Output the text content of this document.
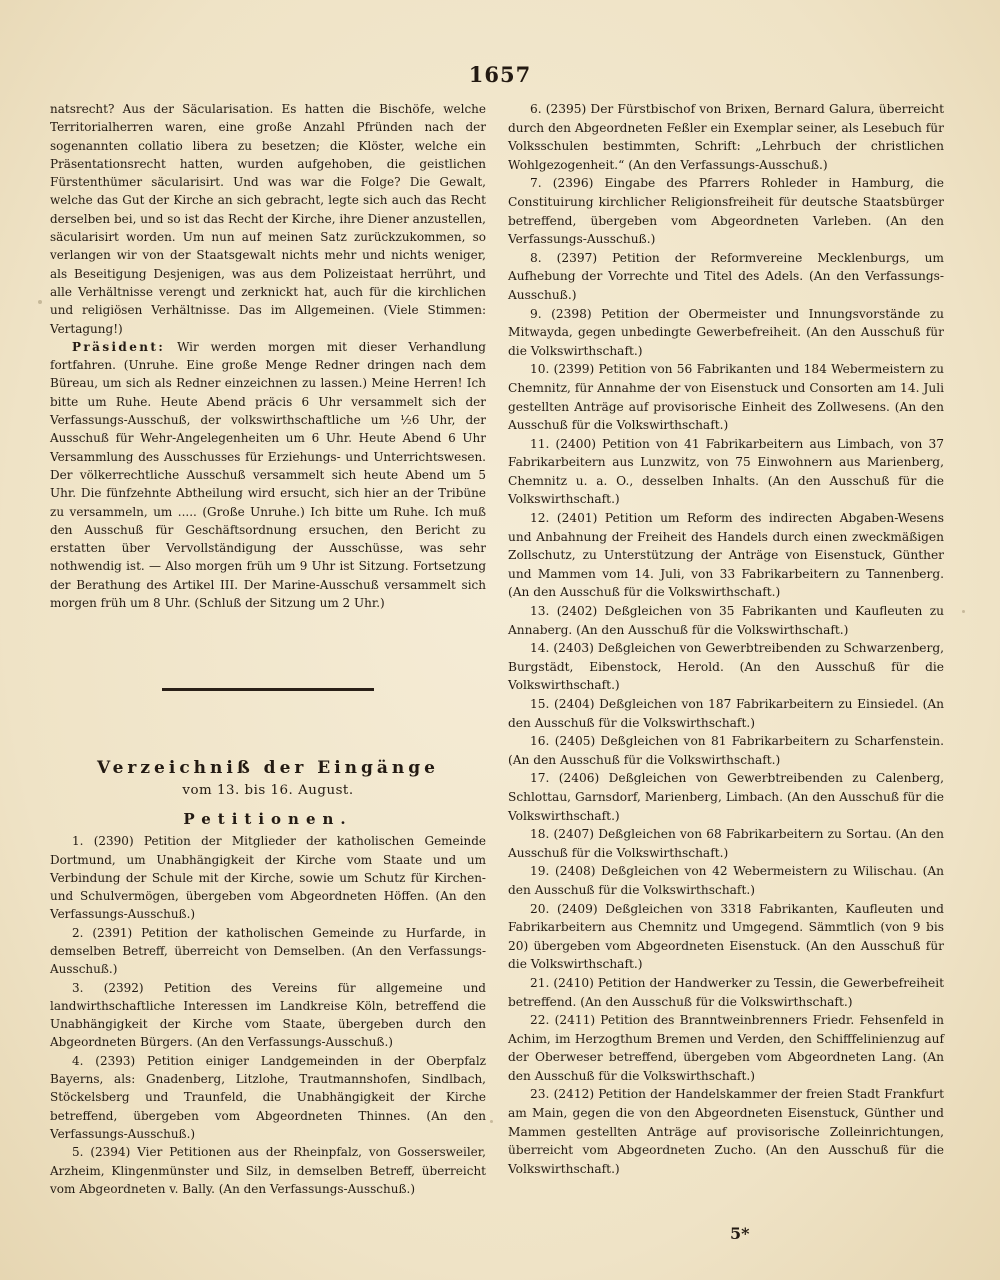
1657

natsrecht? Aus der Säcularisation. Es hatten die Bischöfe, welche Territorialherren waren, eine große Anzahl Pfründen nach der sogenannten collatio libera zu besetzen; die Klöster, welche ein Präsentationsrecht hatten, wurden aufgehoben, die geistlichen Fürstenthümer säcularisirt. Und was war die Folge? Die Gewalt, welche das Gut der Kirche an sich gebracht, legte sich auch das Recht derselben bei, und so ist das Recht der Kirche, ihre Diener anzustellen, säcularisirt worden. Um nun auf meinen Satz zurückzukommen, so verlangen wir von der Staatsgewalt nichts mehr und nichts weniger, als Beseitigung Desjenigen, was aus dem Polizeistaat herrührt, und alle Verhältnisse verengt und zerknickt hat, auch für die kirchlichen und religiösen Verhältnisse. Das im Allgemeinen. (Viele Stimmen: Vertagung!)

Präsident: Wir werden morgen mit dieser Verhandlung fortfahren. (Unruhe. Eine große Menge Redner dringen nach dem Büreau, um sich als Redner einzeichnen zu lassen.) Meine Herren! Ich bitte um Ruhe. Heute Abend präcis 6 Uhr versammelt sich der Verfassungs-Ausschuß, der volkswirthschaftliche um ½6 Uhr, der Ausschuß für Wehr-Angelegenheiten um 6 Uhr. Heute Abend 6 Uhr Versammlung des Ausschusses für Erziehungs- und Unterrichtswesen. Der völkerrechtliche Ausschuß versammelt sich heute Abend um 5 Uhr. Die fünfzehnte Abtheilung wird ersucht, sich hier an der Tribüne zu versammeln, um ..... (Große Unruhe.) Ich bitte um Ruhe. Ich muß den Ausschuß für Geschäftsordnung ersuchen, den Bericht zu erstatten über Vervollständigung der Ausschüsse, was sehr nothwendig ist. — Also morgen früh um 9 Uhr ist Sitzung. Fortsetzung der Berathung des Artikel III. Der Marine-Ausschuß versammelt sich morgen früh um 8 Uhr. (Schluß der Sitzung um 2 Uhr.)

Verzeichniß der Eingänge
vom 13. bis 16. August.
Petitionen.

1. (2390) Petition der Mitglieder der katholischen Gemeinde Dortmund, um Unabhängigkeit der Kirche vom Staate und um Verbindung der Schule mit der Kirche, sowie um Schutz für Kirchen- und Schulvermögen, übergeben vom Abgeordneten Höffen. (An den Verfassungs-Ausschuß.)

2. (2391) Petition der katholischen Gemeinde zu Hurfarde, in demselben Betreff, überreicht von Demselben. (An den Verfassungs-Ausschuß.)

3. (2392) Petition des Vereins für allgemeine und landwirthschaftliche Interessen im Landkreise Köln, betreffend die Unabhängigkeit der Kirche vom Staate, übergeben durch den Abgeordneten Bürgers. (An den Verfassungs-Ausschuß.)

4. (2393) Petition einiger Landgemeinden in der Oberpfalz Bayerns, als: Gnadenberg, Litzlohe, Trautmannshofen, Sindlbach, Stöckelsberg und Traunfeld, die Unabhängigkeit der Kirche betreffend, übergeben vom Abgeordneten Thinnes. (An den Verfassungs-Ausschuß.)

5. (2394) Vier Petitionen aus der Rheinpfalz, von Gossersweiler, Arzheim, Klingenmünster und Silz, in demselben Betreff, überreicht vom Abgeordneten v. Bally. (An den Verfassungs-Ausschuß.)

6. (2395) Der Fürstbischof von Brixen, Bernard Galura, überreicht durch den Abgeordneten Feßler ein Exemplar seiner, als Lesebuch für Volksschulen bestimmten, Schrift: „Lehrbuch der christlichen Wohlgezogenheit.“ (An den Verfassungs-Ausschuß.)

7. (2396) Eingabe des Pfarrers Rohleder in Hamburg, die Constituirung kirchlicher Religionsfreiheit für deutsche Staatsbürger betreffend, übergeben vom Abgeordneten Varleben. (An den Verfassungs-Ausschuß.)

8. (2397) Petition der Reformvereine Mecklenburgs, um Aufhebung der Vorrechte und Titel des Adels. (An den Verfassungs-Ausschuß.)

9. (2398) Petition der Obermeister und Innungsvorstände zu Mitwayda, gegen unbedingte Gewerbefreiheit. (An den Ausschuß für die Volkswirthschaft.)

10. (2399) Petition von 56 Fabrikanten und 184 Webermeistern zu Chemnitz, für Annahme der von Eisenstuck und Consorten am 14. Juli gestellten Anträge auf provisorische Einheit des Zollwesens. (An den Ausschuß für die Volkswirthschaft.)

11. (2400) Petition von 41 Fabrikarbeitern aus Limbach, von 37 Fabrikarbeitern aus Lunzwitz, von 75 Einwohnern aus Marienberg, Chemnitz u. a. O., desselben Inhalts. (An den Ausschuß für die Volkswirthschaft.)

12. (2401) Petition um Reform des indirecten Abgaben-Wesens und Anbahnung der Freiheit des Handels durch einen zweckmäßigen Zollschutz, zu Unterstützung der Anträge von Eisenstuck, Günther und Mammen vom 14. Juli, von 33 Fabrikarbeitern zu Tannenberg. (An den Ausschuß für die Volkswirthschaft.)

13. (2402) Deßgleichen von 35 Fabrikanten und Kaufleuten zu Annaberg. (An den Ausschuß für die Volkswirthschaft.)

14. (2403) Deßgleichen von Gewerbtreibenden zu Schwarzenberg, Burgstädt, Eibenstock, Herold. (An den Ausschuß für die Volkswirthschaft.)

15. (2404) Deßgleichen von 187 Fabrikarbeitern zu Einsiedel. (An den Ausschuß für die Volkswirthschaft.)

16. (2405) Deßgleichen von 81 Fabrikarbeitern zu Scharfenstein. (An den Ausschuß für die Volkswirthschaft.)

17. (2406) Deßgleichen von Gewerbtreibenden zu Calenberg, Schlottau, Garnsdorf, Marienberg, Limbach. (An den Ausschuß für die Volkswirthschaft.)

18. (2407) Deßgleichen von 68 Fabrikarbeitern zu Sortau. (An den Ausschuß für die Volkswirthschaft.)

19. (2408) Deßgleichen von 42 Webermeistern zu Wilischau. (An den Ausschuß für die Volkswirthschaft.)

20. (2409) Deßgleichen von 3318 Fabrikanten, Kaufleuten und Fabrikarbeitern aus Chemnitz und Umgegend. Sämmtlich (von 9 bis 20) übergeben vom Abgeordneten Eisenstuck. (An den Ausschuß für die Volkswirthschaft.)

21. (2410) Petition der Handwerker zu Tessin, die Gewerbefreiheit betreffend. (An den Ausschuß für die Volkswirthschaft.)

22. (2411) Petition des Branntweinbrenners Friedr. Fehsenfeld in Achim, im Herzogthum Bremen und Verden, den Schifffelinienzug auf der Oberweser betreffend, übergeben vom Abgeordneten Lang. (An den Ausschuß für die Volkswirthschaft.)

23. (2412) Petition der Handelskammer der freien Stadt Frankfurt am Main, gegen die von den Abgeordneten Eisenstuck, Günther und Mammen gestellten Anträge auf provisorische Zolleinrichtungen, überreicht vom Abgeordneten Zucho. (An den Ausschuß für die Volkswirthschaft.)

5*
